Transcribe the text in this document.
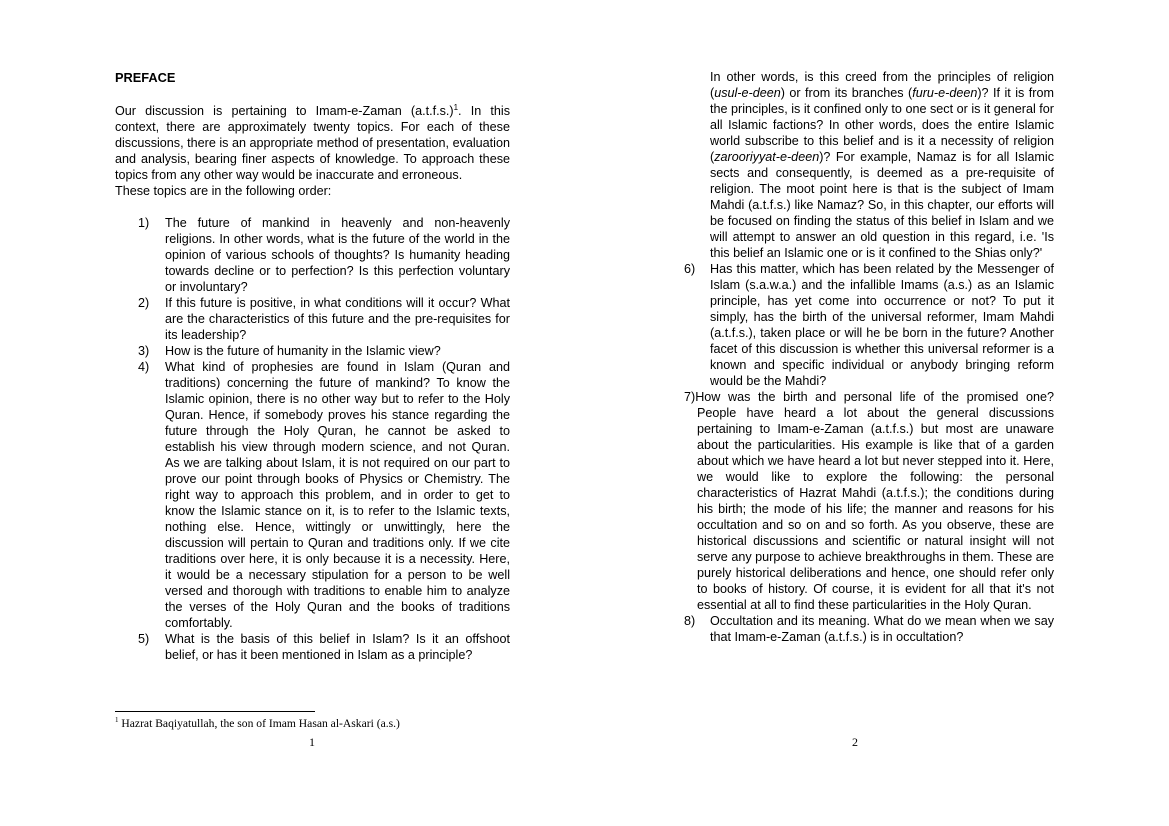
PREFACE

Our discussion is pertaining to Imam-e-Zaman $(a.t.f.s.)^1$. In this context, there are approximately twenty topics. For each of these discussions, there is an appropriate method of presentation, evaluation and analysis, bearing finer aspects of knowledge. To approach these topics from any other way would be inaccurate and erroneous.

These topics are in the following order:

1) The future of mankind in heavenly and non-heavenly religions. In other words, what is the future of the world in the opinion of various schools of thoughts? Is humanity heading towards decline or to perfection? Is this perfection voluntary or involuntary?
2) If this future is positive, in what conditions will it occur? What are the characteristics of this future and the pre-requisites for its leadership?
3) How is the future of humanity in the Islamic view?
4) What kind of prophesies are found in Islam (Quran and traditions) concerning the future of mankind? To know the Islamic opinion, there is no other way but to refer to the Holy Quran. Hence, if somebody proves his stance regarding the future through the Holy Quran, he cannot be asked to establish his view through modern science, and not Quran. As we are talking about Islam, it is not required on our part to prove our point through books of Physics or Chemistry. The right way to approach this problem, and in order to get to know the Islamic stance on it, is to refer to the Islamic texts, nothing else. Hence, wittingly or unwittingly, here the discussion will pertain to Quran and traditions only. If we cite traditions over here, it is only because it is a necessity. Here, it would be a necessary stipulation for a person to be well versed and thorough with traditions to enable him to analyze the verses of the Holy Quran and the books of traditions comfortably.
5) What is the basis of this belief in Islam? Is it an offshoot belief, or has it been mentioned in Islam as a principle?
$^1$ Hazrat Baqiyatullah, the son of Imam Hasan al-Askari (a.s.)
1

In other words, is this creed from the principles of religion (usul-e-deen) or from its branches (furu-e-deen)? If it is from the principles, is it confined only to one sect or is it general for all Islamic factions? In other words, does the entire Islamic world subscribe to this belief and is it a necessity of religion (zarooriyyat-e-deen)? For example, Namaz is for all Islamic sects and consequently, is deemed as a pre-requisite of religion. The moot point here is that is the subject of Imam Mahdi (a.t.f.s.) like Namaz? So, in this chapter, our efforts will be focused on finding the status of this belief in Islam and we will attempt to answer an old question in this regard, i.e. 'Is this belief an Islamic one or is it confined to the Shias only?'

6) Has this matter, which has been related by the Messenger of Islam (s.a.w.a.) and the infallible Imams (a.s.) as an Islamic principle, has yet come into occurrence or not? To put it simply, has the birth of the universal reformer, Imam Mahdi (a.t.f.s.), taken place or will he be born in the future? Another facet of this discussion is whether this universal reformer is a known and specific individual or anybody bringing reform would be the Mahdi?
7)How was the birth and personal life of the promised one? People have heard a lot about the general discussions pertaining to Imam-e-Zaman (a.t.f.s.) but most are unaware about the particularities. His example is like that of a garden about which we have heard a lot but never stepped into it. Here, we would like to explore the following: the personal characteristics of Hazrat Mahdi (a.t.f.s.); the conditions during his birth; the mode of his life; the manner and reasons for his occultation and so on and so forth. As you observe, these are historical discussions and scientific or natural insight will not serve any purpose to achieve breakthroughs in them. These are purely historical deliberations and hence, one should refer only to books of history. Of course, it is evident for all that it's not essential at all to find these particularities in the Holy Quran.
8) Occultation and its meaning. What do we mean when we say that Imam-e-Zaman (a.t.f.s.) is in occultation?
2
